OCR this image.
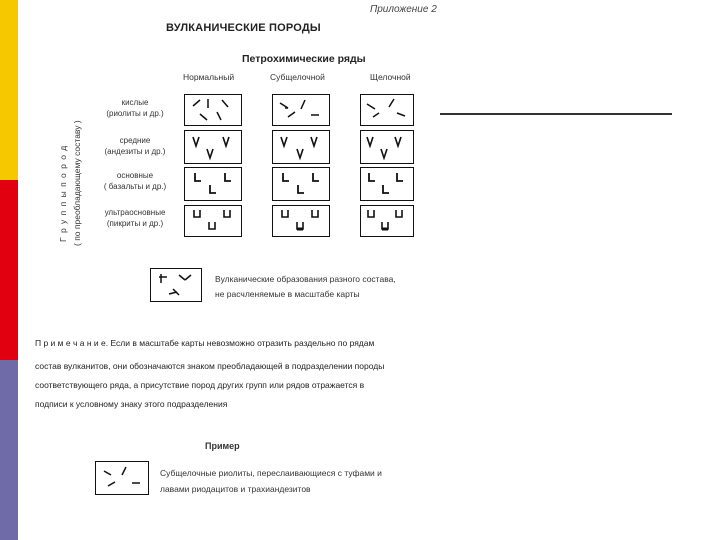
Приложение 2
ВУЛКАНИЧЕСКИЕ ПОРОДЫ
Петрохимические ряды
Нормальный	Субщелочной	Щелочной
Г р у п п ы п о р о д ( по преобладающему составу )
кислые
(риолиты и др.)
средние
(андезиты и др.)
основные
( базальты и др.)
ультраосновные
(пикриты и др.)
Вулканические образования разного состава,
не расчленяемые в масштабе карты
П р и м е ч а н и е. Если в масштабе карты невозможно отразить раздельно по рядам
состав вулканитов, они обозначаются знаком преобладающей в подразделении породы
соответствующего ряда, а присутствие пород других групп или рядов отражается в
подписи к условному знаку этого подразделения
Пример
Субщелочные риолиты, переслаивающиеся с туфами и
лавами риодацитов и трахиандезитов
